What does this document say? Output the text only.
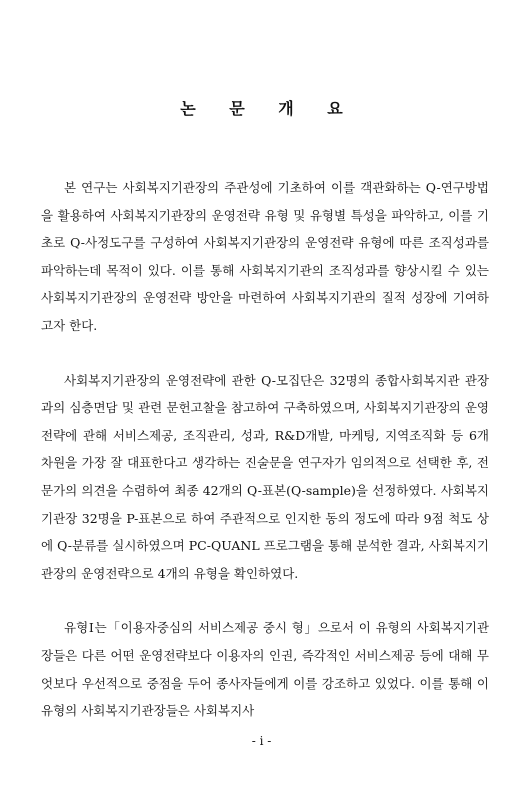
논 문 개 요

본 연구는 사회복지기관장의 주관성에 기초하여 이를 객관화하는 Q-연구방법을 활용하여 사회복지기관장의 운영전략 유형 및 유형별 특성을 파악하고, 이를 기초로 Q-사정도구를 구성하여 사회복지기관장의 운영전략 유형에 따른 조직성과를 파악하는데 목적이 있다. 이를 통해 사회복지기관의 조직성과를 향상시킬 수 있는 사회복지기관장의 운영전략 방안을 마련하여 사회복지기관의 질적 성장에 기여하고자 한다.

사회복지기관장의 운영전략에 관한 Q-모집단은 32명의 종합사회복지관 관장과의 심층면담 및 관련 문헌고찰을 참고하여 구축하였으며, 사회복지기관장의 운영전략에 관해 서비스제공, 조직관리, 성과, R&D개발, 마케팅, 지역조직화 등 6개 차원을 가장 잘 대표한다고 생각하는 진술문을 연구자가 임의적으로 선택한 후, 전문가의 의견을 수렴하여 최종 42개의 Q-표본(Q-sample)을 선정하였다. 사회복지기관장 32명을 P-표본으로 하여 주관적으로 인지한 동의 정도에 따라 9점 척도 상에 Q-분류를 실시하였으며 PC-QUANL 프로그램을 통해 분석한 결과, 사회복지기관장의 운영전략으로 4개의 유형을 확인하였다.

유형Ⅰ는「이용자중심의 서비스제공 중시 형」으로서 이 유형의 사회복지기관장들은 다른 어떤 운영전략보다 이용자의 인권, 즉각적인 서비스제공 등에 대해 무엇보다 우선적으로 중점을 두어 종사자들에게 이를 강조하고 있었다. 이를 통해 이 유형의 사회복지기관장들은 사회복지사

- i -
